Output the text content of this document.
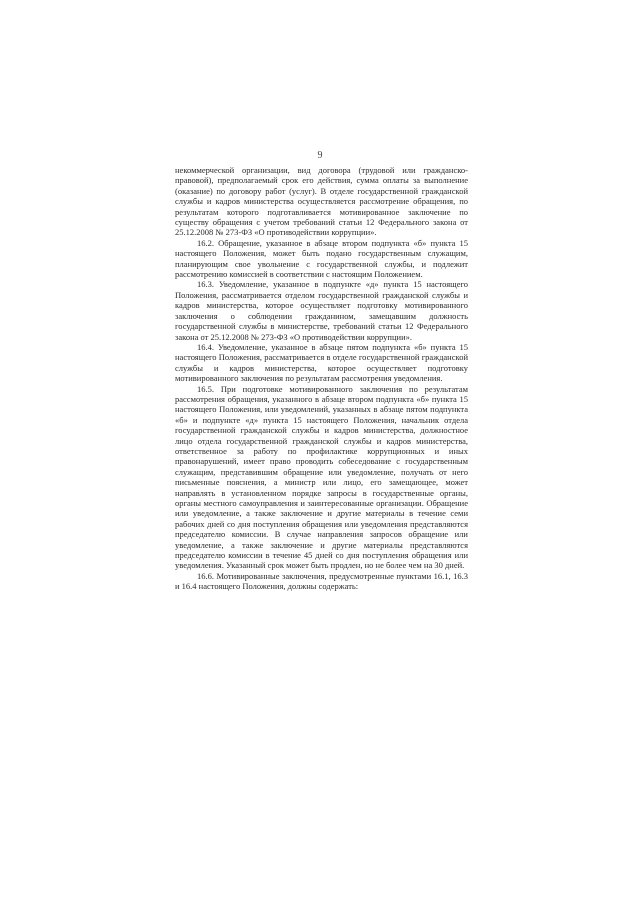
9

некоммерческой организации, вид договора (трудовой или гражданско-правовой), предполагаемый срок его действия, сумма оплаты за выполнение (оказание) по договору работ (услуг). В отделе государственной гражданской службы и кадров министерства осуществляется рассмотрение обращения, по результатам которого подготавливается мотивированное заключение по существу обращения с учетом требований статьи 12 Федерального закона от 25.12.2008 № 273-ФЗ «О противодействии коррупции».

16.2. Обращение, указанное в абзаце втором подпункта «б» пункта 15 настоящего Положения, может быть подано государственным служащим, планирующим свое увольнение с государственной службы, и подлежит рассмотрению комиссией в соответствии с настоящим Положением.

16.3. Уведомление, указанное в подпункте «д» пункта 15 настоящего Положения, рассматривается отделом государственной гражданской службы и кадров министерства, которое осуществляет подготовку мотивированного заключения о соблюдении гражданином, замещавшим должность государственной службы в министерстве, требований статьи 12 Федерального закона от 25.12.2008 № 273-ФЗ «О противодействии коррупции».

16.4. Уведомление, указанное в абзаце пятом подпункта «б» пункта 15 настоящего Положения, рассматривается в отделе государственной гражданской службы и кадров министерства, которое осуществляет подготовку мотивированного заключения по результатам рассмотрения уведомления.

16.5. При подготовке мотивированного заключения по результатам рассмотрения обращения, указанного в абзаце втором подпункта «б» пункта 15 настоящего Положения, или уведомлений, указанных в абзаце пятом подпункта «б» и подпункте «д» пункта 15 настоящего Положения, начальник отдела государственной гражданской службы и кадров министерства, должностное лицо отдела государственной гражданской службы и кадров министерства, ответственное за работу по профилактике коррупционных и иных правонарушений, имеет право проводить собеседование с государственным служащим, представившим обращение или уведомление, получать от него письменные пояснения, а министр или лицо, его замещающее, может направлять в установленном порядке запросы в государственные органы, органы местного самоуправления и заинтересованные организации. Обращение или уведомление, а также заключение и другие материалы в течение семи рабочих дней со дня поступления обращения или уведомления представляются председателю комиссии. В случае направления запросов обращение или уведомление, а также заключение и другие материалы представляются председателю комиссии в течение 45 дней со дня поступления обращения или уведомления. Указанный срок может быть продлен, но не более чем на 30 дней.

16.6. Мотивированные заключения, предусмотренные пунктами 16.1, 16.3 и 16.4 настоящего Положения, должны содержать:
